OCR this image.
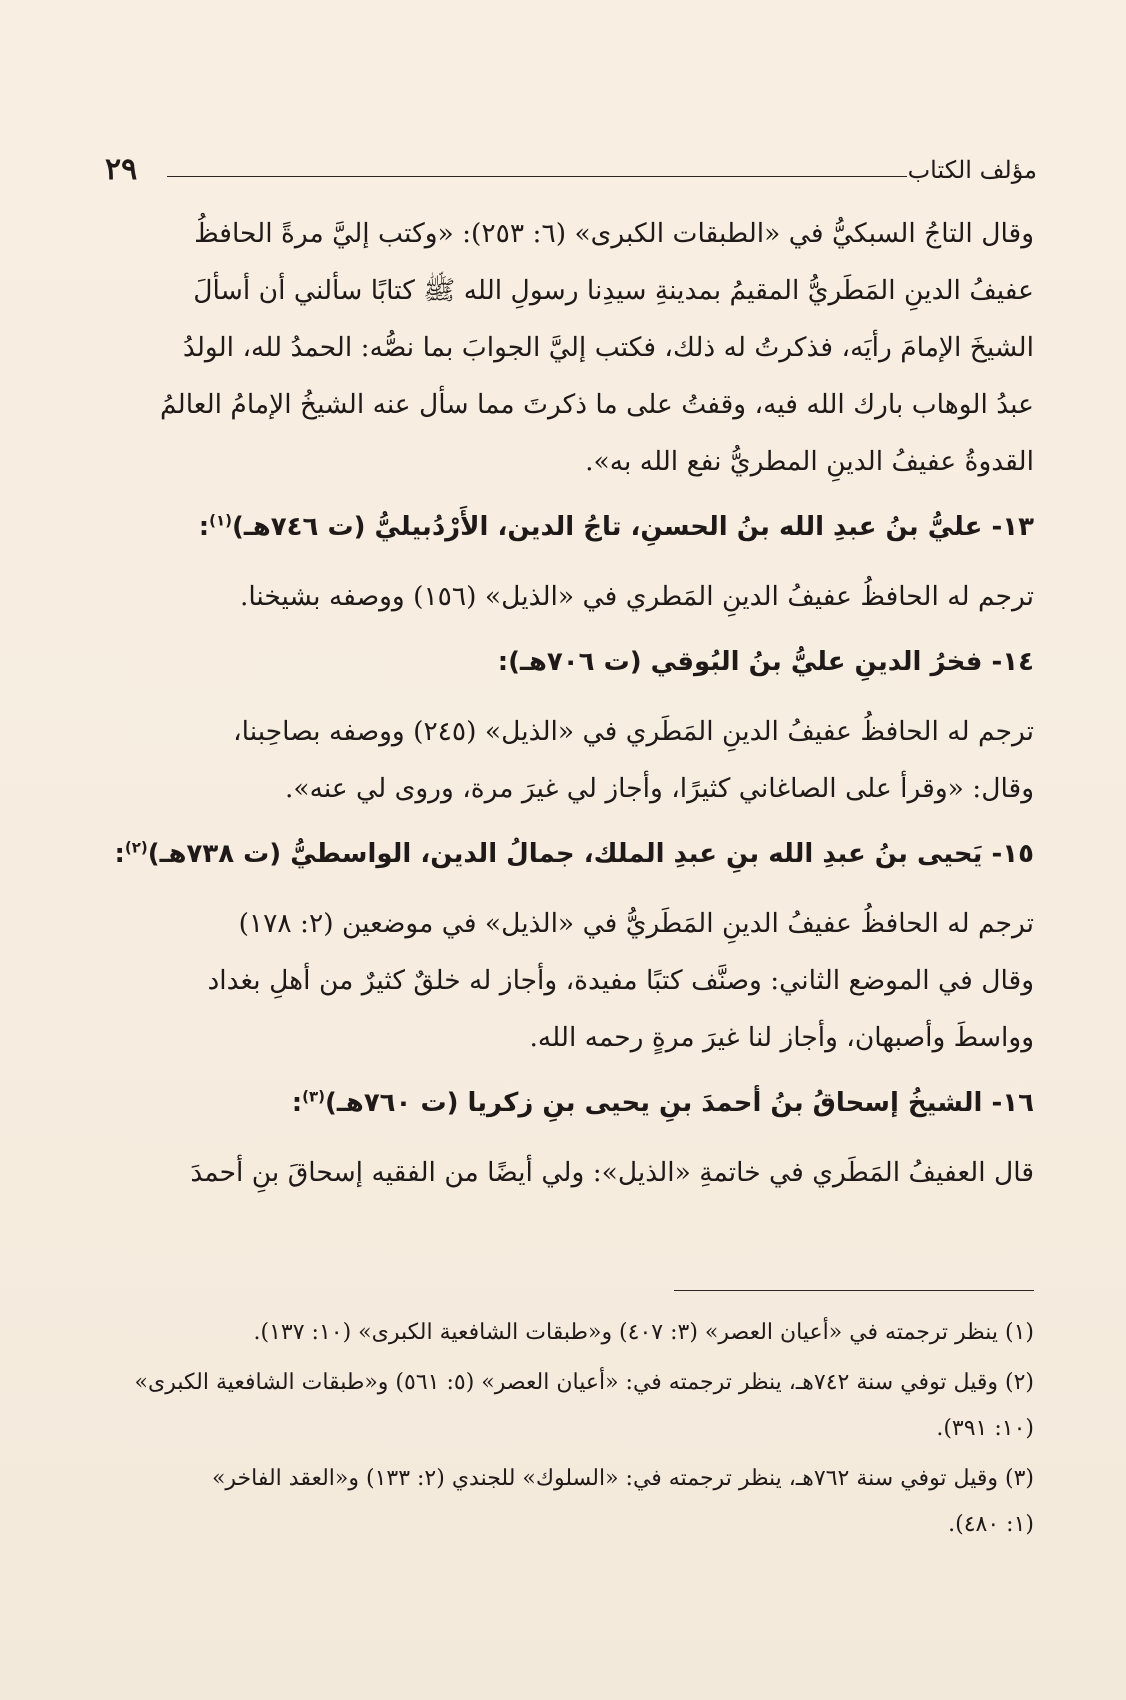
مؤلف الكتاب
٢٩

وقال التاجُ السبكيُّ في «الطبقات الكبرى» (٦: ٢٥٣): «وكتب إليَّ مرةً الحافظُ
عفيفُ الدينِ المَطَريُّ المقيمُ بمدينةِ سيدِنا رسولِ الله ﷺ كتابًا سألني أن أسألَ
الشيخَ الإمامَ رأيَه، فذكرتُ له ذلك، فكتب إليَّ الجوابَ بما نصُّه: الحمدُ لله، الولدُ
عبدُ الوهاب بارك الله فيه، وقفتُ على ما ذكرتَ مما سأل عنه الشيخُ الإمامُ العالمُ
القدوةُ عفيفُ الدينِ المطريُّ نفع الله به».

١٣- عليُّ بنُ عبدِ الله بنُ الحسنِ، تاجُ الدين، الأَرْدُبيليُّ (ت ٧٤٦هـ)$^{(١)}$:

ترجم له الحافظُ عفيفُ الدينِ المَطري في «الذيل» (١٥٦) ووصفه بشيخنا.

١٤- فخرُ الدينِ عليُّ بنُ البُوقي (ت ٧٠٦هـ):

ترجم له الحافظُ عفيفُ الدينِ المَطَري في «الذيل» (٢٤٥) ووصفه بصاحِبنا،
وقال: «وقرأ على الصاغاني كثيرًا، وأجاز لي غيرَ مرة، وروى لي عنه».

١٥- يَحيى بنُ عبدِ الله بنِ عبدِ الملك، جمالُ الدين، الواسطيُّ (ت ٧٣٨هـ)$^{(٢)}$:

ترجم له الحافظُ عفيفُ الدينِ المَطَريُّ في «الذيل» في موضعين (٢: ١٧٨)
وقال في الموضع الثاني: وصنَّف كتبًا مفيدة، وأجاز له خلقٌ كثيرٌ من أهلِ بغداد
وواسطَ وأصبهان، وأجاز لنا غيرَ مرةٍ رحمه الله.

١٦- الشيخُ إسحاقُ بنُ أحمدَ بنِ يحيى بنِ زكريا (ت ٧٦٠هـ)$^{(٣)}$:

قال العفيفُ المَطَري في خاتمةِ «الذيل»: ولي أيضًا من الفقيه إسحاقَ بنِ أحمدَ

(١) ينظر ترجمته في «أعيان العصر» (٣: ٤٠٧) و«طبقات الشافعية الكبرى» (١٠: ١٣٧).
(٢) وقيل توفي سنة ٧٤٢هـ، ينظر ترجمته في: «أعيان العصر» (٥: ٥٦١) و«طبقات الشافعية الكبرى»
(١٠: ٣٩١).
(٣) وقيل توفي سنة ٧٦٢هـ، ينظر ترجمته في: «السلوك» للجندي (٢: ١٣٣) و«العقد الفاخر»
(١: ٤٨٠).
